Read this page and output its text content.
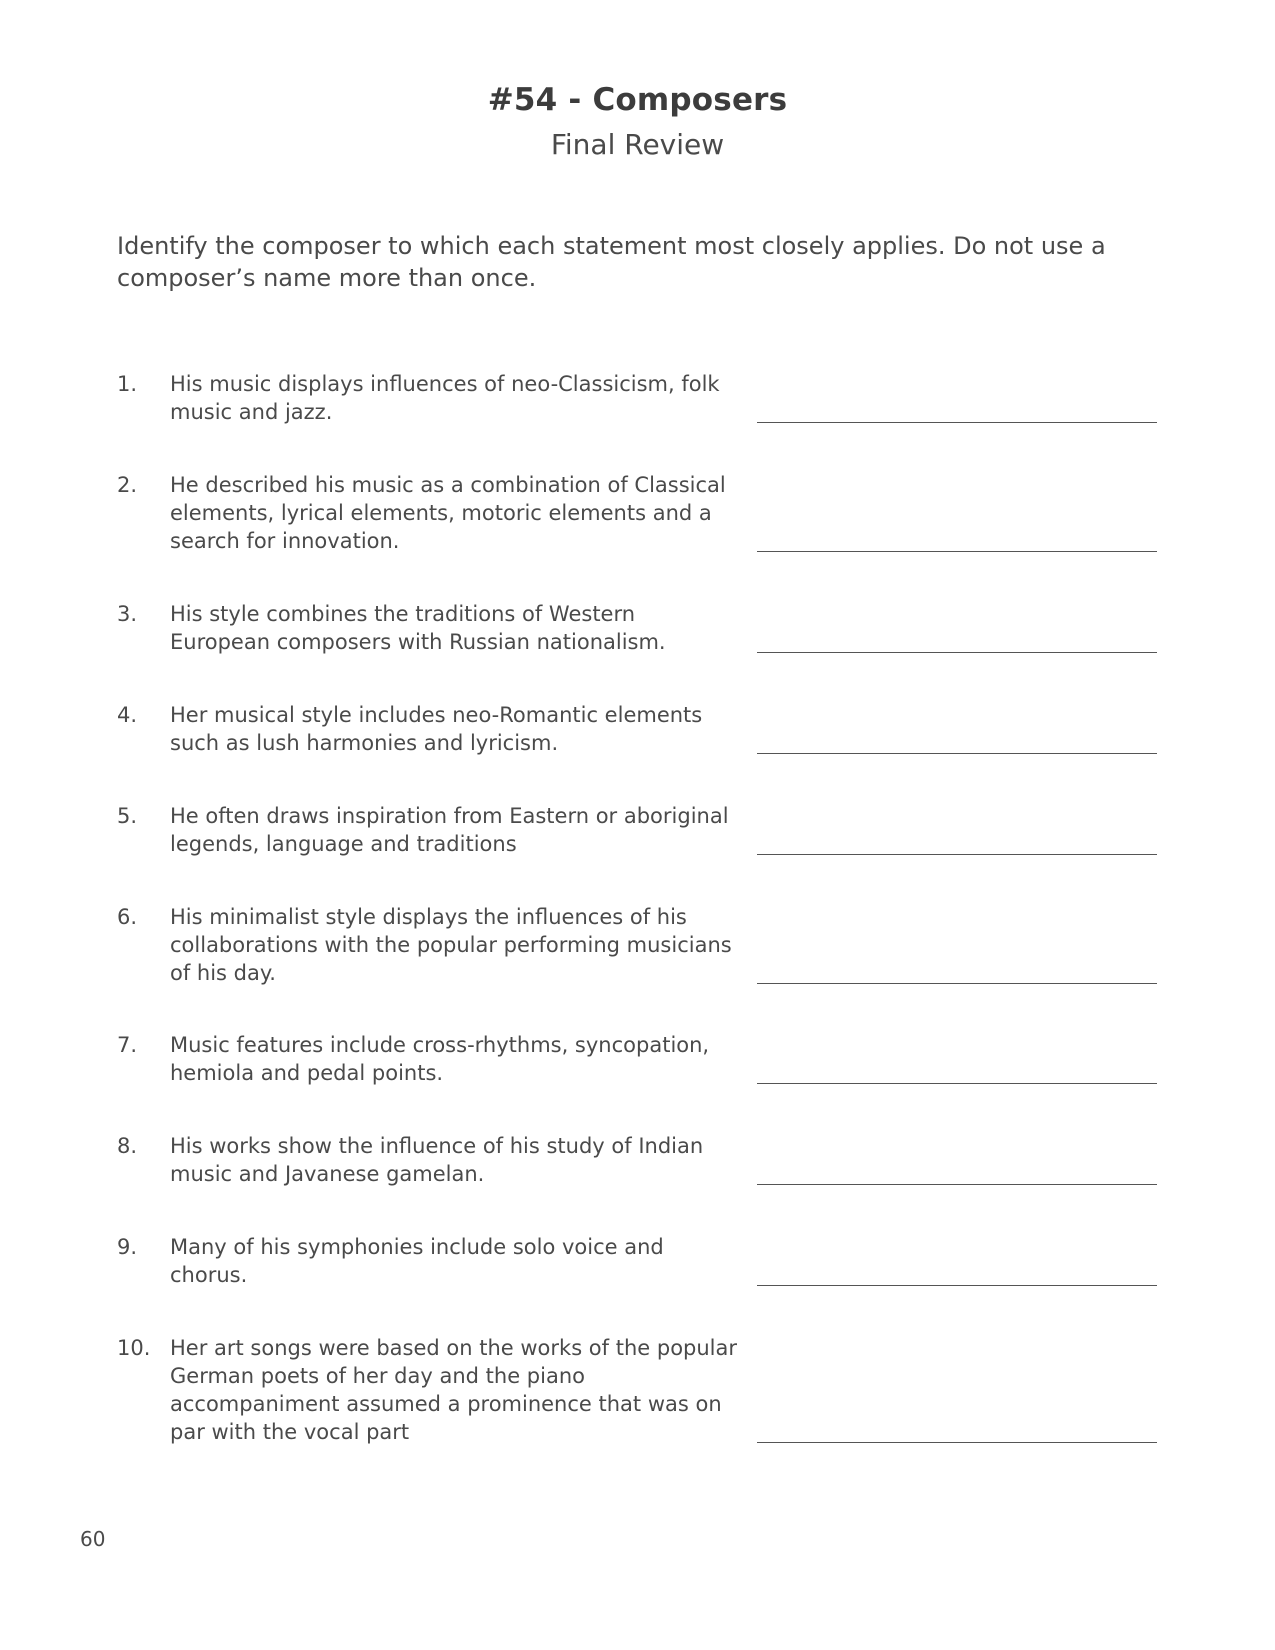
#54 - Composers
Final Review
Identify the composer to which each statement most closely applies. Do not use a composer’s name more than once.
1. His music displays influences of neo-Classicism, folk music and jazz.
2. He described his music as a combination of Classical elements, lyrical elements, motoric elements and a search for innovation.
3. His style combines the traditions of Western European composers with Russian nationalism.
4. Her musical style includes neo-Romantic elements such as lush harmonies and lyricism.
5. He often draws inspiration from Eastern or aboriginal legends, language and traditions
6. His minimalist style displays the influences of his collaborations with the popular performing musicians of his day.
7. Music features include cross-rhythms, syncopation, hemiola and pedal points.
8. His works show the influence of his study of Indian music and Javanese gamelan.
9. Many of his symphonies include solo voice and chorus.
10. Her art songs were based on the works of the popular German poets of her day and the piano accompaniment assumed a prominence that was on par with the vocal part
60
